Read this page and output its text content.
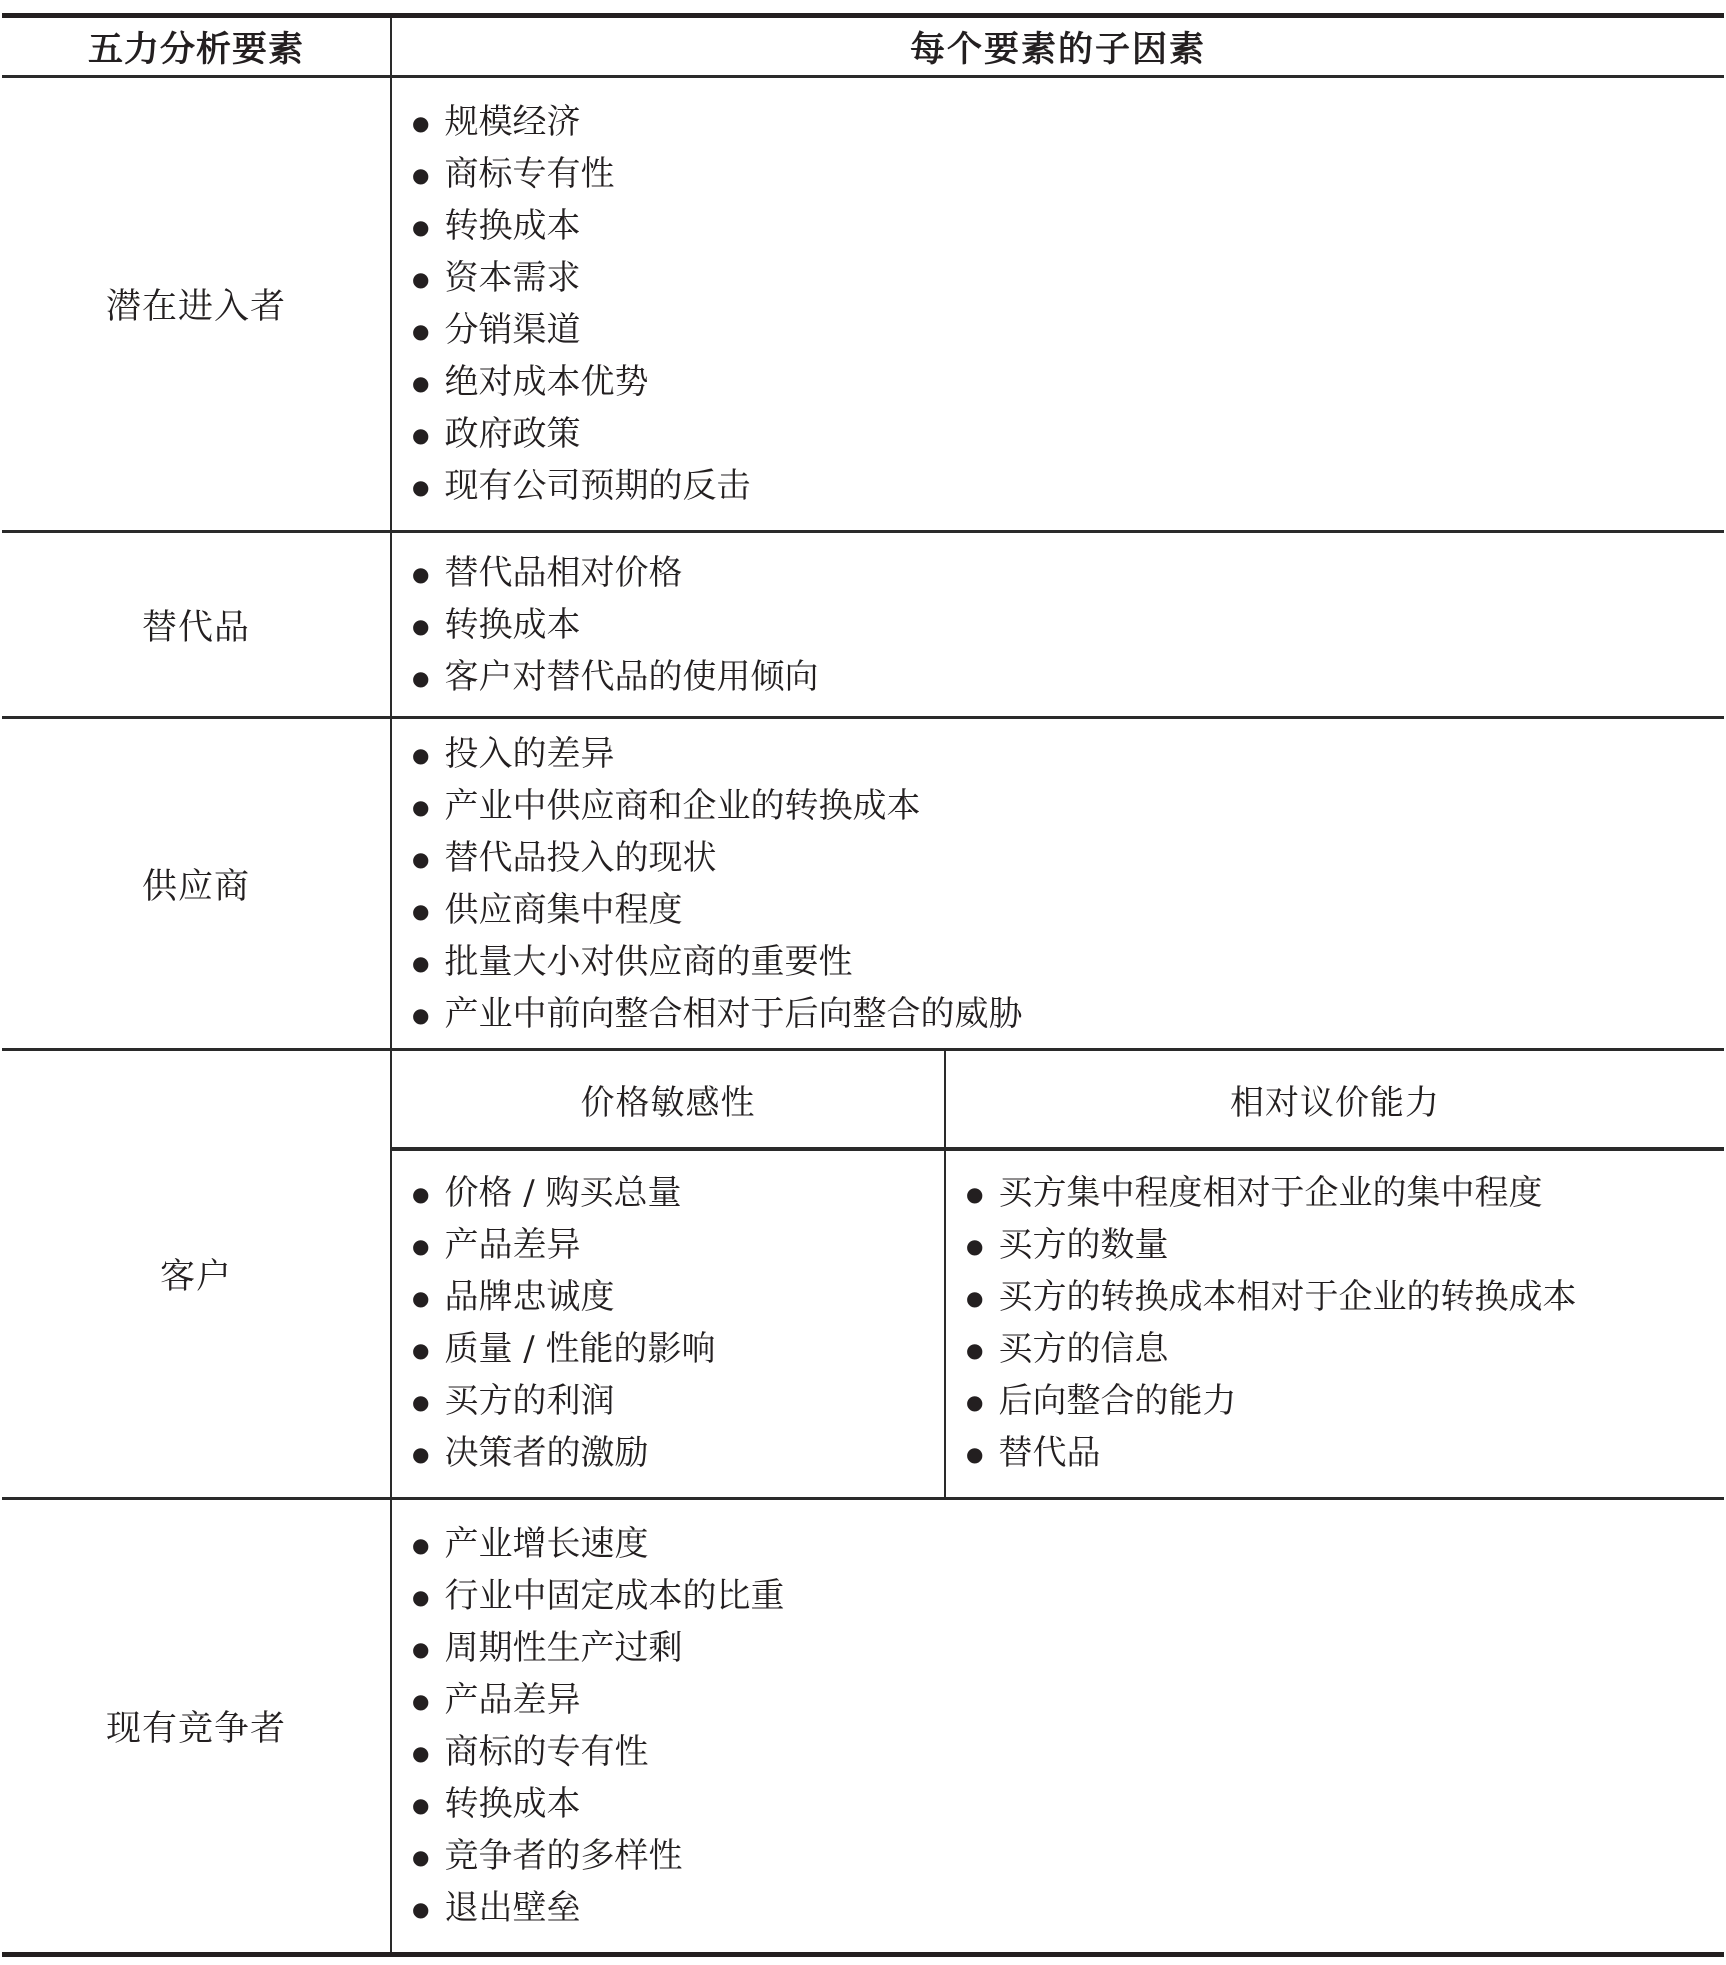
五力分析要素	每个要素的子因素
潜在进入者
● 规模经济
● 商标专有性
● 转换成本
● 资本需求
● 分销渠道
● 绝对成本优势
● 政府政策
● 现有公司预期的反击
替代品
● 替代品相对价格
● 转换成本
● 客户对替代品的使用倾向
供应商
● 投入的差异
● 产业中供应商和企业的转换成本
● 替代品投入的现状
● 供应商集中程度
● 批量大小对供应商的重要性
● 产业中前向整合相对于后向整合的威胁
客户
价格敏感性	相对议价能力
● 价格 / 购买总量
● 产品差异
● 品牌忠诚度
● 质量 / 性能的影响
● 买方的利润
● 决策者的激励
● 买方集中程度相对于企业的集中程度
● 买方的数量
● 买方的转换成本相对于企业的转换成本
● 买方的信息
● 后向整合的能力
● 替代品
现有竞争者
● 产业增长速度
● 行业中固定成本的比重
● 周期性生产过剩
● 产品差异
● 商标的专有性
● 转换成本
● 竞争者的多样性
● 退出壁垒
